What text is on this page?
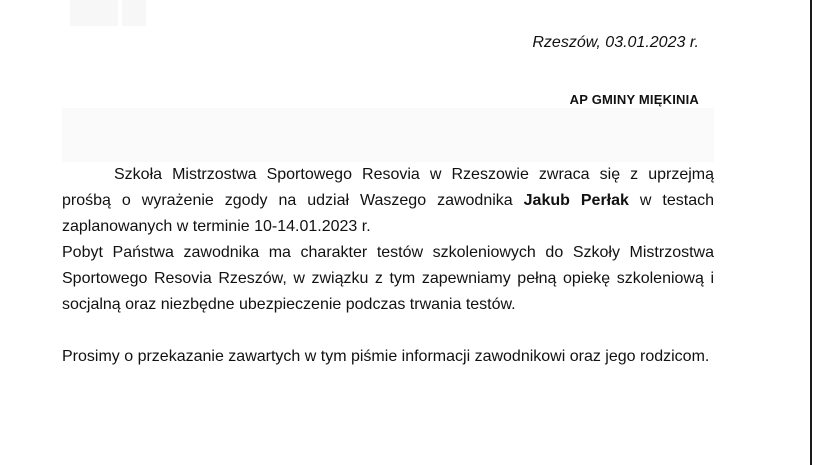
Rzeszów, 03.01.2023 r.
AP GMINY MIĘKINIA

Szkoła Mistrzostwa Sportowego Resovia w Rzeszowie zwraca się z uprzejmą prośbą o wyrażenie zgody na udział Waszego zawodnika Jakub Perłak w testach zaplanowanych w terminie 10-14.01.2023 r.

Pobyt Państwa zawodnika ma charakter testów szkoleniowych do Szkoły Mistrzostwa Sportowego Resovia Rzeszów, w związku z tym zapewniamy pełną opiekę szkoleniową i socjalną oraz niezbędne ubezpieczenie podczas trwania testów.

Prosimy o przekazanie zawartych w tym piśmie informacji zawodnikowi oraz jego rodzicom.
